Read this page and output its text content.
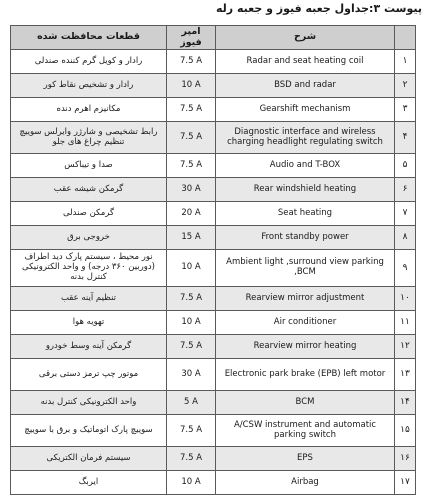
پیوست ۳:جداول جعبه فیوز و جعبه رله
قطعات محافظت شده	آمپر فیوز	شرح	
رادار و کویل گرم کننده صندلی	7.5 A	Radar and seat heating coil	۱
رادار و تشخیص نقاط کور	10 A	BSD and radar	۲
مکانیزم اهرم دنده	7.5 A	Gearshift mechanism	۳
رابط تشخیصی و شارژر وایرلس سوییچ تنظیم چراغ های جلو	7.5 A	Diagnostic interface and wireless charging headlight regulating switch	۴
صدا و تیباکس	7.5 A	Audio and T-BOX	۵
گرمکن شیشه عقب	30 A	Rear windshield heating	۶
گرمکن صندلی	20 A	Seat heating	۷
خروجی برق	15 A	Front standby power	۸
نور محیط ، سیستم پارک دید اطراف (دوربین ۳۶۰ درجه) و واحد الکترونیکی کنترل بدنه	10 A	Ambient light ,surround view parking ,BCM	۹
تنظیم آینه عقب	7.5 A	Rearview mirror adjustment	۱۰
تهویه هوا	10 A	Air conditioner	۱۱
گرمکن آینه وسط خودرو	7.5 A	Rearview mirror heating	۱۲
موتور چپ ترمز دستی برقی	30 A	Electronic park brake (EPB) left motor	۱۳
واحد الکترونیکی کنترل بدنه	5 A	BCM	۱۴
سوییچ پارک اتوماتیک و برق با سوییچ	7.5 A	A/CSW instrument and automatic parking switch	۱۵
سیستم فرمان الکتریکی	7.5 A	EPS	۱۶
ایربگ	10 A	Airbag	۱۷
